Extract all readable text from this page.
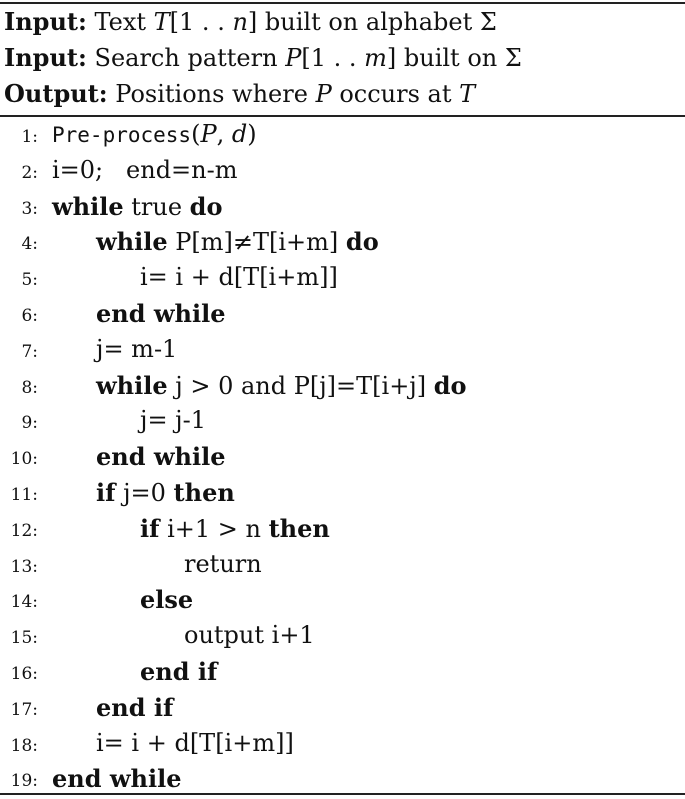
Input: Text T[1 . . n] built on alphabet Σ
Input: Search pattern P[1 . . m] built on Σ
Output: Positions where P occurs at T
1: Pre-process(P, d)
2: i=0;   end=n-m
3: while true do
4: while P[m]≠T[i+m] do
5:	i= i + d[T[i+m]]
6: end while
7: j= m-1
8: while j > 0 and P[j]=T[i+j] do
9:	j= j-1
10: end while
11: if j=0 then
12:	if i+1 > n then
13:	return
14:	else
15:	output i+1
16:	end if
17: end if
18: i= i + d[T[i+m]]
19: end while
